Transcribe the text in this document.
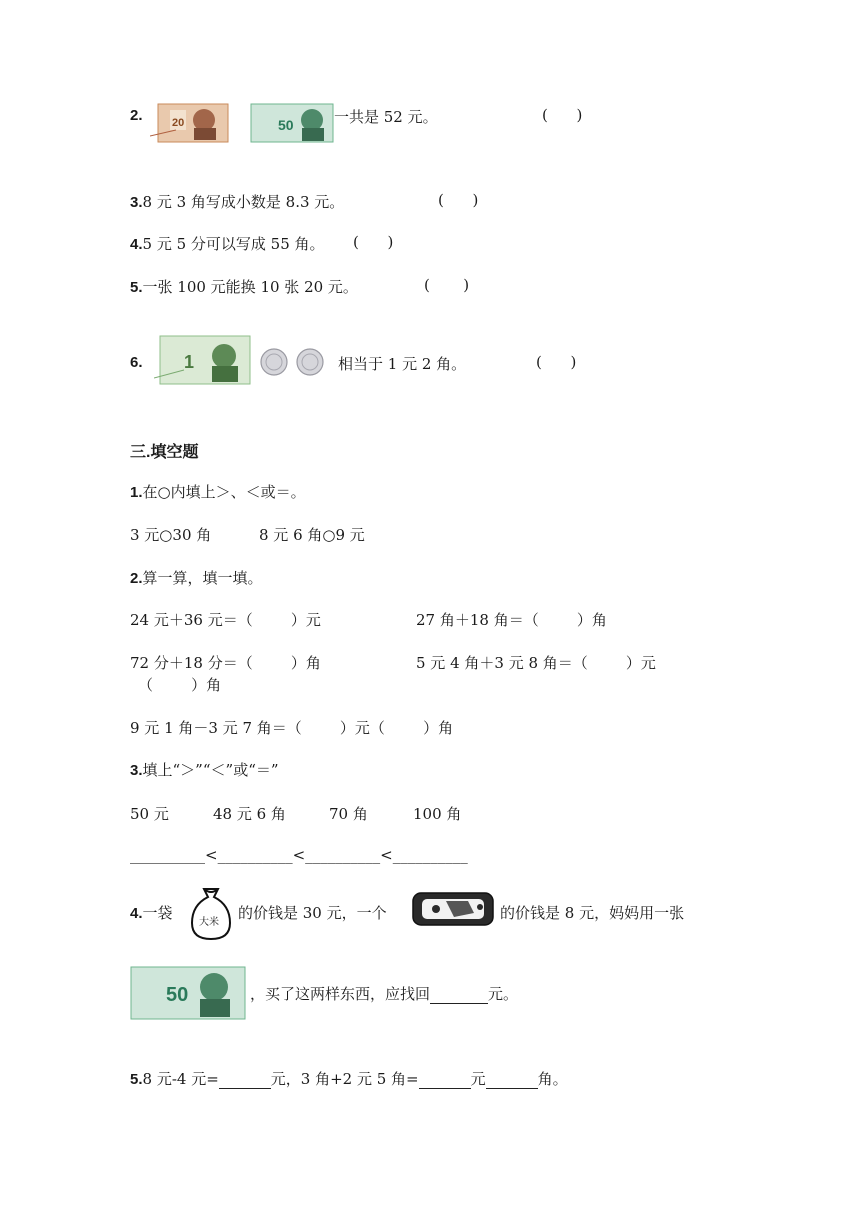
2.	20	50	一共是 52 元。	(      )
3.8 元 3 角写成小数是 8.3 元。	(      )
4.5 元 5 分可以写成 55 角。 (      )
5.一张 100 元能换 10 张 20 元。	(       )
6. 1	相当于 1 元 2 角。	(      )
三.填空题
1.在○内填上＞、＜或＝。
3 元○30 角	8 元 6 角○9 元
2.算一算，填一填。
24 元＋36 元＝（        ）元	27 角＋18 角＝（        ）角
72 分＋18 分＝（        ）角	5 元 4 角＋3 元 8 角＝（        ）元
（        ）角
9 元 1 角－3 元 7 角＝（        ）元（        ）角
3.填上“＞”“＜”或“＝”
50 元	48 元 6 角	70 角	100 角
__________<__________<__________<__________
4.一袋
大米
的价钱是 30 元，一个	的价钱是 8 元，妈妈用一张
50	，买了这两样东西，应找回	元。
5.8 元-4 元=	元，3 角+2 元 5 角=	元	角。
